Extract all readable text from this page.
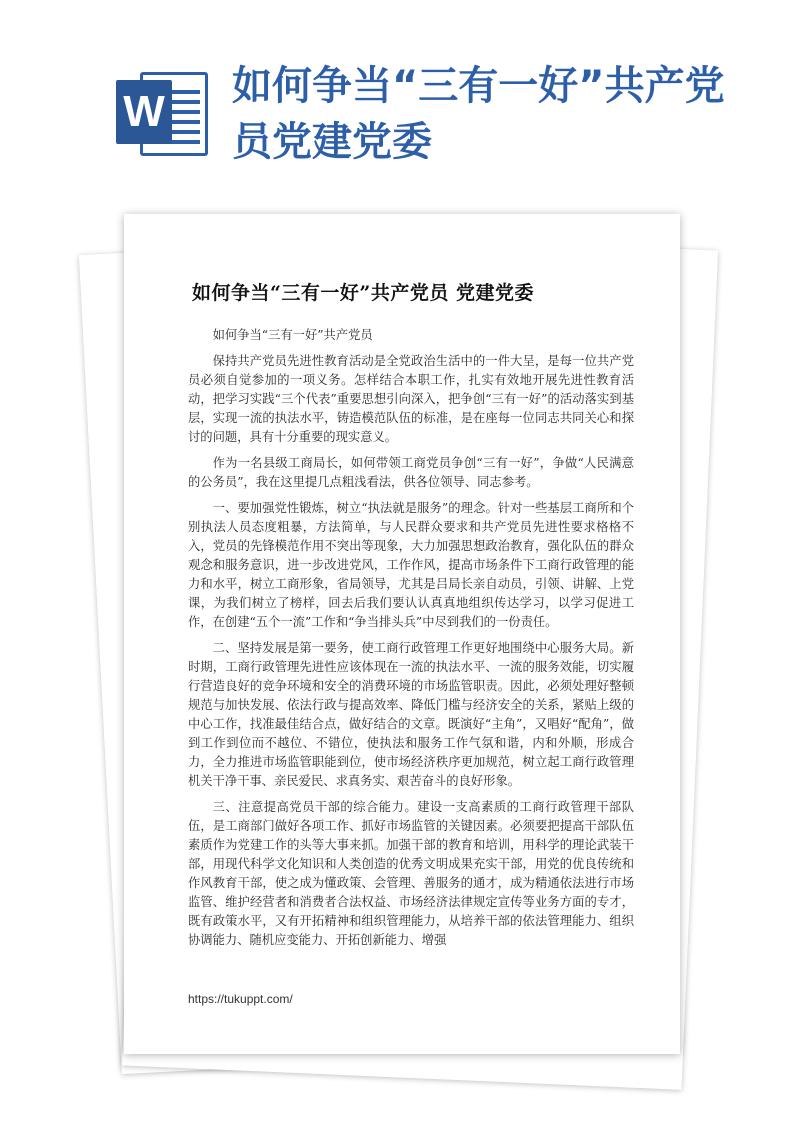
W
如何争当“三有一好”共产党员党建党委
如何争当“三有一好”共产党员 党建党委

如何争当“三有一好”共产党员

保持共产党员先进性教育活动是全党政治生活中的一件大呈，是每一位共产党员必须自觉参加的一项义务。怎样结合本职工作，扎实有效地开展先进性教育活动，把学习实践“三个代表”重要思想引向深入，把争创“三有一好”的活动落实到基层，实现一流的执法水平，铸造模范队伍的标准，是在座每一位同志共同关心和探讨的问题，具有十分重要的现实意义。

作为一名县级工商局长，如何带领工商党员争创“三有一好”，争做“人民满意的公务员”，我在这里提几点粗浅看法，供各位领导、同志参考。

一、要加强党性锻炼，树立“执法就是服务”的理念。针对一些基层工商所和个别执法人员态度粗暴，方法简单，与人民群众要求和共产党员先进性要求格格不入，党员的先锋模范作用不突出等现象，大力加强思想政治教育，强化队伍的群众观念和服务意识，进一步改进党风，工作作风，提高市场条件下工商行政管理的能力和水平，树立工商形象，省局领导，尤其是吕局长亲自动员，引领、讲解、上党课，为我们树立了榜样，回去后我们要认认真真地组织传达学习，以学习促进工作，在创建“五个一流”工作和“争当排头兵”中尽到我们的一份责任。

二、坚持发展是第一要务，使工商行政管理工作更好地围绕中心服务大局。新时期，工商行政管理先进性应该体现在一流的执法水平、一流的服务效能，切实履行营造良好的竞争环境和安全的消费环境的市场监管职责。因此，必须处理好整顿规范与加快发展、依法行政与提高效率、降低门槛与经济安全的关系，紧贴上级的中心工作，找准最佳结合点，做好结合的文章。既演好“主角”，又唱好“配角”，做到工作到位而不越位、不错位，使执法和服务工作气氛和谐，内和外顺，形成合力，全力推进市场监管职能到位，使市场经济秩序更加规范，树立起工商行政管理机关干净干事、亲民爱民、求真务实、艰苦奋斗的良好形象。

三、注意提高党员干部的综合能力。建设一支高素质的工商行政管理干部队伍，是工商部门做好各项工作、抓好市场监管的关键因素。必须要把提高干部队伍素质作为党建工作的头等大事来抓。加强干部的教育和培训，用科学的理论武装干部，用现代科学文化知识和人类创造的优秀文明成果充实干部，用党的优良传统和作风教育干部，使之成为懂政策、会管理、善服务的通才，成为精通依法进行市场监管、维护经营者和消费者合法权益、市场经济法律规定宣传等业务方面的专才，既有政策水平，又有开拓精神和组织管理能力，从培养干部的依法管理能力、组织协调能力、随机应变能力、开拓创新能力、增强

https://tukuppt.com/
